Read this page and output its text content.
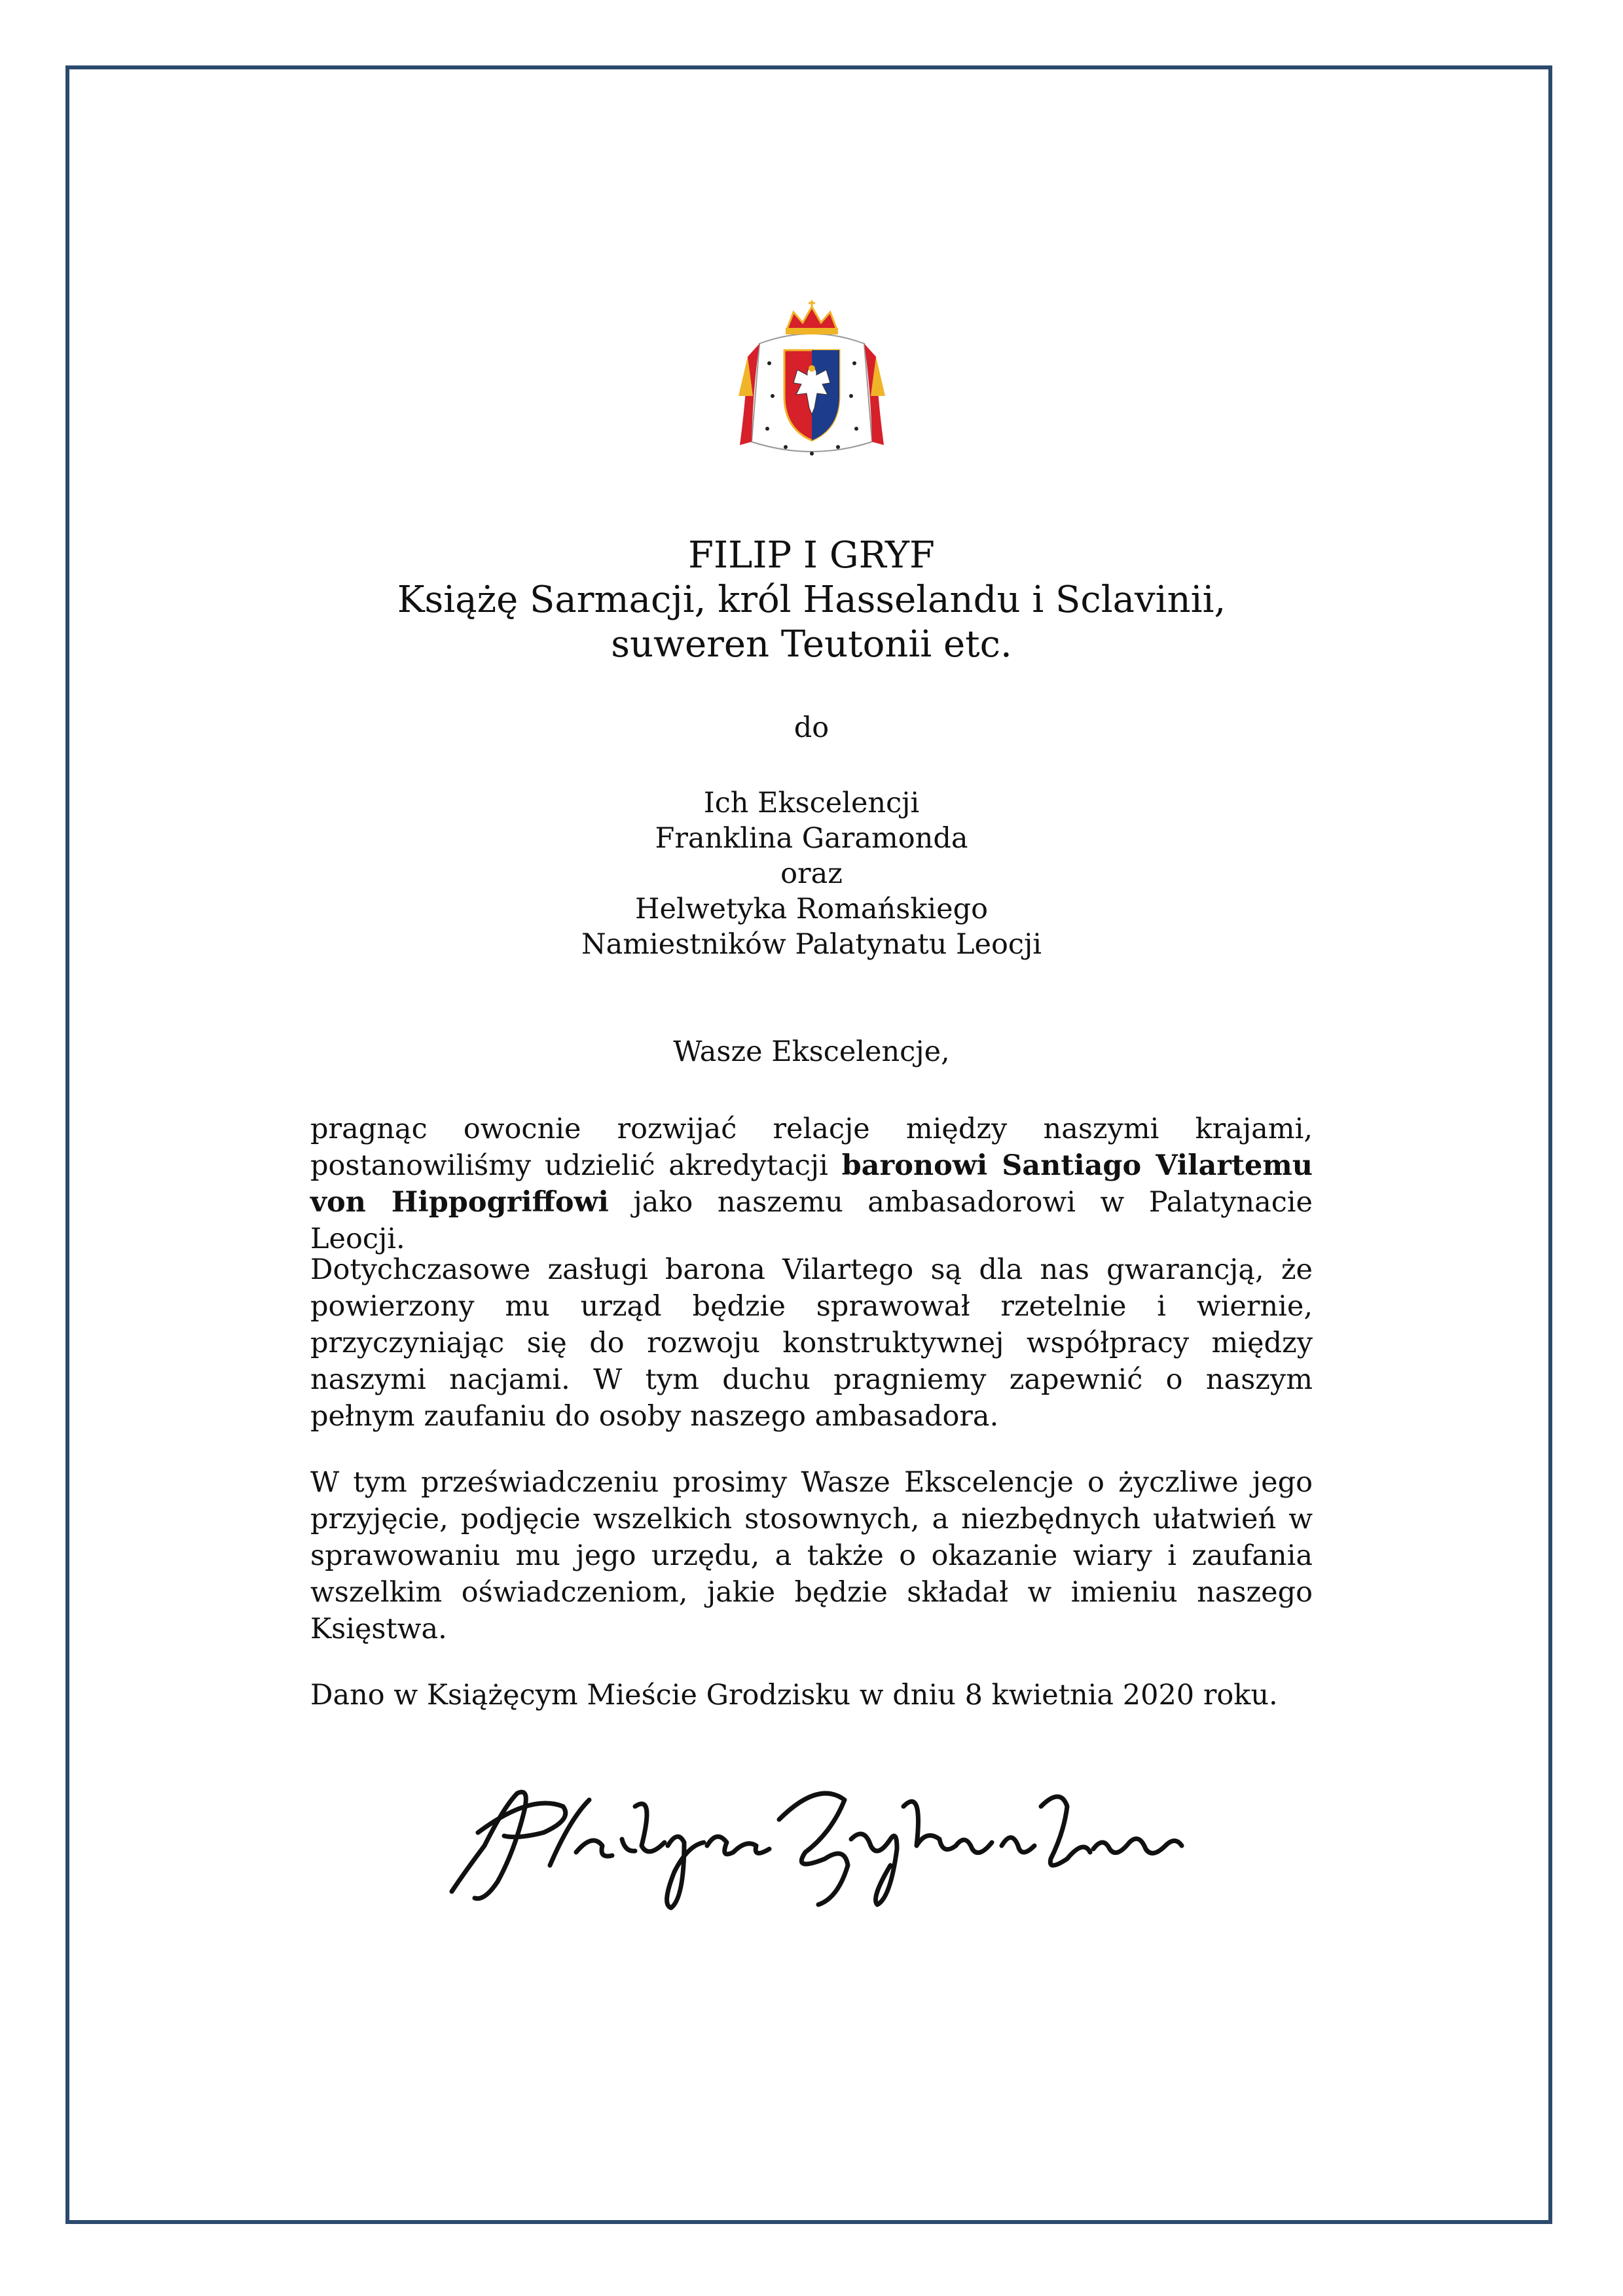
FILIP I GRYF
Książę Sarmacji, król Hasselandu i Sclavinii,
suweren Teutonii etc.
do
Ich Ekscelencji
Franklina Garamonda
oraz
Helwetyka Romańskiego
Namiestników Palatynatu Leocji
Wasze Ekscelencje,

pragnąc owocnie rozwijać relacje między naszymi krajami, postanowiliśmy udzielić akredytacji baronowi Santiago Vilartemu von Hippogriffowi jako naszemu ambasadorowi w Palatynacie Leocji.

Dotychczasowe zasługi barona Vilartego są dla nas gwarancją, że powierzony mu urząd będzie sprawował rzetelnie i wiernie, przyczyniając się do rozwoju konstruktywnej współpracy między naszymi nacjami. W tym duchu pragniemy zapewnić o naszym pełnym zaufaniu do osoby naszego ambasadora.

W tym przeświadczeniu prosimy Wasze Ekscelencje o życzliwe jego przyjęcie, podjęcie wszelkich stosownych, a niezbędnych ułatwień w sprawowaniu mu jego urzędu, a także o okazanie wiary i zaufania wszelkim oświadczeniom, jakie będzie składał w imieniu naszego Księstwa.

Dano w Książęcym Mieście Grodzisku w dniu 8 kwietnia 2020 roku.
